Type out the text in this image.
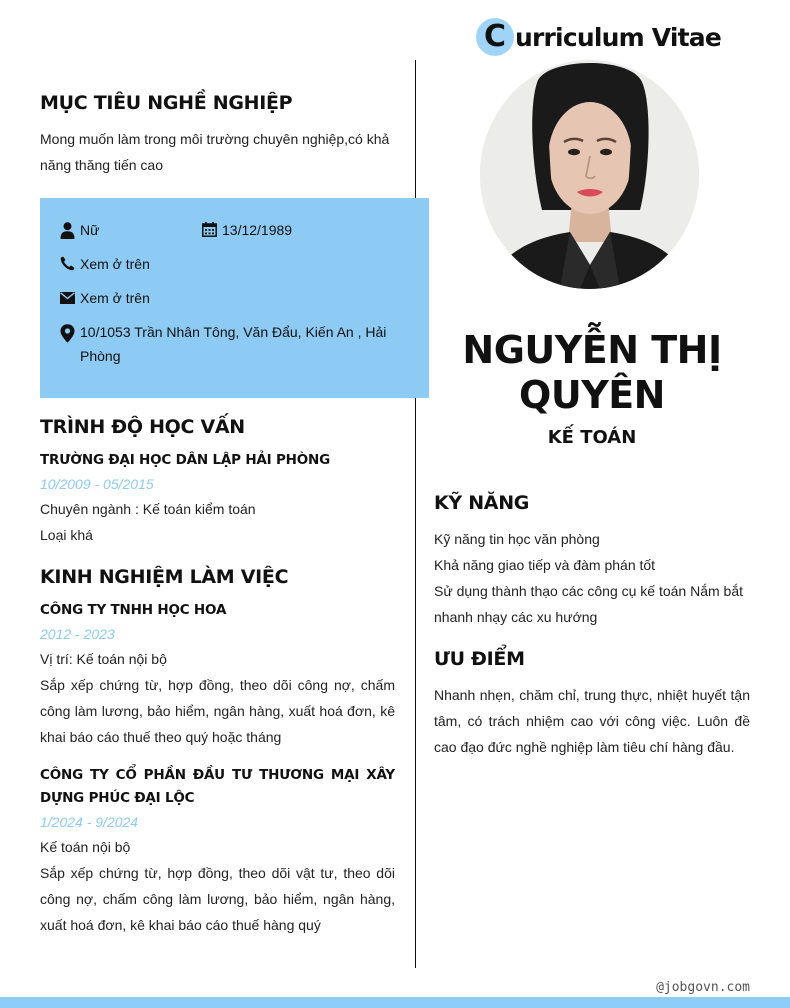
MỤC TIÊU NGHỀ NGHIỆP
Mong muốn làm trong môi trường chuyên nghiệp,có khả năng thăng tiến cao
Nữ	13/12/1989
Xem ở trên
Xem ở trên
10/1053 Trần Nhân Tông, Văn Đẩu, Kiến An , Hải Phòng
TRÌNH ĐỘ HỌC VẤN
TRƯỜNG ĐẠI HỌC DÂN LẬP HẢI PHÒNG
10/2009 - 05/2015
Chuyên ngành : Kế toán kiểm toán
Loại khá
KINH NGHIỆM LÀM VIỆC
CÔNG TY TNHH HỌC HOA
2012 - 2023
Vị trí: Kế toán nội bộ
Sắp xếp chứng từ, hợp đồng, theo dõi công nợ, chấm công làm lương, bảo hiểm, ngân hàng, xuất hoá đơn, kê khai báo cáo thuế theo quý hoặc tháng
CÔNG TY CỔ PHẦN ĐẦU TƯ THƯƠNG MẠI XÂY DỰNG PHÚC ĐẠI LỘC
1/2024 - 9/2024
Kế toán nội bộ
Sắp xếp chứng từ, hợp đồng, theo dõi vật tư, theo dõi công nợ, chấm công làm lương, bảo hiểm, ngân hàng, xuất hoá đơn, kê khai báo cáo thuế hàng quý
C urriculum Vitae
NGUYỄN THỊ QUYÊN
KẾ TOÁN
KỸ NĂNG
Kỹ năng tin học văn phòng
Khả năng giao tiếp và đàm phán tốt
Sử dụng thành thạo các công cụ kế toán Nắm bắt nhanh nhạy các xu hướng
ƯU ĐIỂM
Nhanh nhẹn, chăm chỉ, trung thực, nhiệt huyết tận tâm, có trách nhiệm cao với công việc. Luôn đề cao đạo đức nghề nghiệp làm tiêu chí hàng đầu.
@jobgovn.com
